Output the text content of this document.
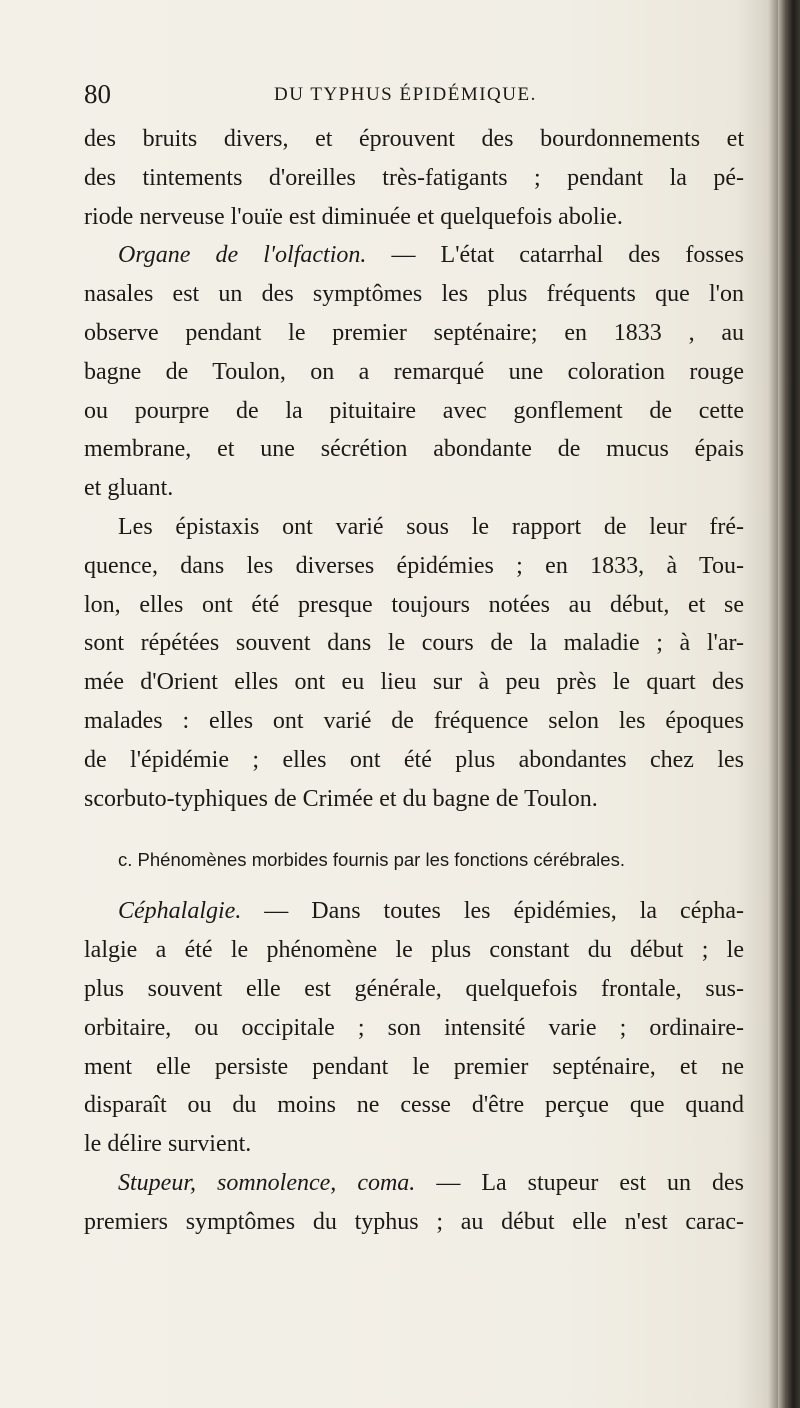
80	DU TYPHUS ÉPIDÉMIQUE.
des bruits divers, et éprouvent des bourdonnements et
des tintements d'oreilles très-fatigants ; pendant la pé-
riode nerveuse l'ouïe est diminuée et quelquefois abolie.
Organe de l'olfaction. — L'état catarrhal des fosses
nasales est un des symptômes les plus fréquents que l'on
observe pendant le premier septénaire; en 1833 , au
bagne de Toulon, on a remarqué une coloration rouge
ou pourpre de la pituitaire avec gonflement de cette
membrane, et une sécrétion abondante de mucus épais
et gluant.
Les épistaxis ont varié sous le rapport de leur fré-
quence, dans les diverses épidémies ; en 1833, à Tou-
lon, elles ont été presque toujours notées au début, et se
sont répétées souvent dans le cours de la maladie ; à l'ar-
mée d'Orient elles ont eu lieu sur à peu près le quart des
malades : elles ont varié de fréquence selon les époques
de l'épidémie ; elles ont été plus abondantes chez les
scorbuto-typhiques de Crimée et du bagne de Toulon.
c. Phénomènes morbides fournis par les fonctions cérébrales.
Céphalalgie. — Dans toutes les épidémies, la cépha-
lalgie a été le phénomène le plus constant du début ; le
plus souvent elle est générale, quelquefois frontale, sus-
orbitaire, ou occipitale ; son intensité varie ; ordinaire-
ment elle persiste pendant le premier septénaire, et ne
disparaît ou du moins ne cesse d'être perçue que quand
le délire survient.
Stupeur, somnolence, coma. — La stupeur est un des
premiers symptômes du typhus ; au début elle n'est carac-
